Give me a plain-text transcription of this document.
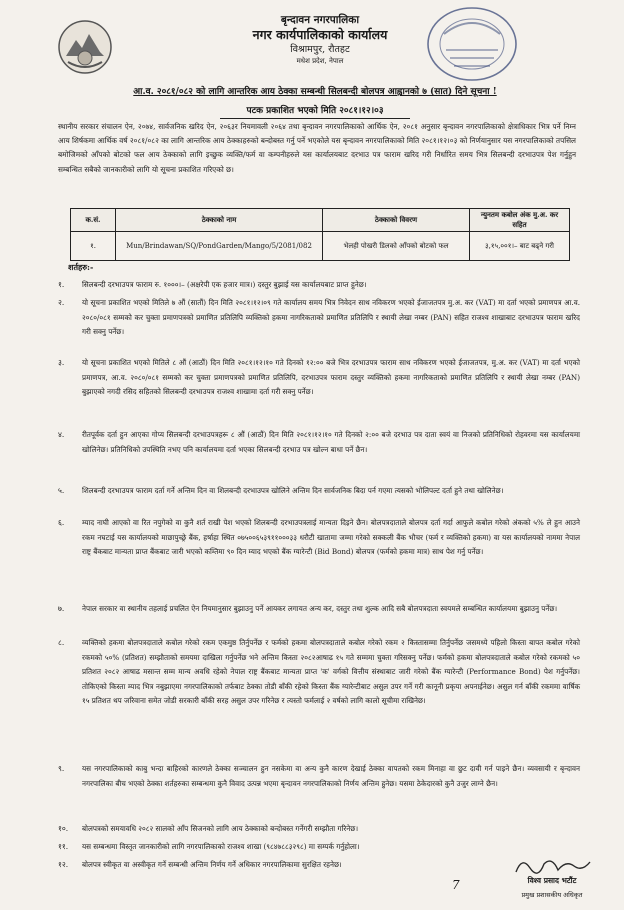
बृन्दावन नगरपालिका
नगर कार्यपालिकाको कार्यालय
विश्रामपुर, रौतहट
मधेश प्रदेश, नेपाल
आ.व. २०८१/०८२ को लागि आन्तरिक आय ठेक्का सम्बन्धी सिलबन्दी बोलपत्र आह्वानको ७ (सात) दिने सूचना !
पटक प्रकाशित भएको मिति २०८१।१२।०३
स्थानीय सरकार संचालन ऐन, २०७४, सार्वजनिक खरिद ऐन, २०६३र नियमावली २०६४ तथा बृन्दावन नगरपालिकाको आर्थिक ऐन, २०८१ अनुसार बृन्दावन नगरपालिकाको क्षेत्राधिकार भित्र पर्ने निम्न आय शिर्षकमा आर्थिक वर्ष २०८१/०८२ का लागि आन्तरिक आय ठेक्काहरुको बन्दोबस्त गर्नु पर्ने भएकोले यस बृन्दावन नगरपालिकाको मिति २०८१।१२।०३ को निर्णयानुसार यस नगरपालिकाको तपसिल बमोजिमको आँपको बोटको फल आय ठेक्काको लागि इच्छुक व्यक्ति/फर्म वा कम्पनीहरुले यस कार्यालयबाट दरभाउ पत्र फाराम खरिद गरी निर्धारित समय भित्र सिलबन्दी दरभाउपत्र पेश गर्नुहुन सम्बन्धित सबैको जानकारीको लागि यो सूचना प्रकाशित गरिएको छ।
क.सं.	ठेक्काको नाम	ठेक्काको विवरण	न्युनतम कबोल अंक मु.अ. कर सहित
१.	Mun/Brindawan/SQ/PondGarden/Mango/5/2081/082	भेलही पोखरी डिलको आँपको बोटको फल	३,१५,००१।– बाट बढ्ने गरी
शर्तहरु:-
१.	सिलबन्दी दरभाउपत्र फाराम रु. १०००।– (अक्षरेपी एक हजार मात्र।) दस्तुर बुझाई यस कार्यालयबाट प्राप्त हुनेछ।
२.	यो सूचना प्रकाशित भएको मितिले ७ औं (सातौं) दिन मिति २०८१।१२।०९ गते कार्यालय समय भित्र निवेदन साथ नविकरण भएको ईजाजतपत्र मु.अ. कर (VAT) मा दर्ता भएको प्रमाणपत्र आ.व. २०८०/०८१ सम्मको कर चुक्ता प्रमाणपत्रको प्रमाणित प्रतिलिपि व्यक्तिको हकमा नागरिकताको प्रमाणित प्रतिलिपि र स्थायी लेखा नम्बर (PAN) सहित राजश्व शाखाबाट दरभाउपत्र फाराम खरिद गरी सक्नु पर्नेछ।
३.	यो सूचना प्रकाशित भएको मितिले ८ औं (आठौं) दिन मिति २०८१।१२।१० गते दिनको १२:०० बजे भित्र दरभाउपत्र फाराम साथ नविकरण भएको ईजाजतपत्र, मु.अ. कर (VAT) मा दर्ता भएको प्रमाणपत्र, आ.व. २०८०/०८१ सम्मको कर चुक्ता प्रमाणपत्रको प्रमाणित प्रतिलिपि, दरभाउपत्र फाराम दस्तुर व्यक्तिको हकमा नागरिकताको प्रमाणित प्रतिलिपि र स्थायी लेखा नम्बर (PAN) बुझाएको नगदी रसिद सहितको सिलबन्दी दरभाउपत्र राजश्व शाखामा दर्ता गरी सक्नु पर्नेछ।
४.	रीतपूर्वक दर्ता हुन आएका गोप्य सिलबन्दी दरभाउपत्रहरू ८ औं (आठौं) दिन मिति २०८१।१२।१० गते दिनको २:०० बजे दरभाउ पत्र दाता स्वयं वा निजको प्रतिनिधिको रोहवरमा यस कार्यालयमा खोलिनेछ। प्रतिनिधिको उपस्थिति नभए पनि कार्यालयमा दर्ता भएका सिलबन्दी दरभाउ पत्र खोल्न बाधा पर्ने छैन।
५.	शिलबन्दी दरभाउपत्र फाराम दर्ता गर्ने अन्तिम दिन वा शिलबन्दी दरभाउपत्र खोलिने अन्तिम दिन सार्वजनिक बिदा पर्न गएमा त्यसको भोलिपल्ट दर्ता हुने तथा खोलिनेछ।
६.	म्याद नाघी आएको वा रित नपुगेको वा कुनै शर्त राखी पेश भएको शिलबन्दी दरभाउपत्रलाई मान्यता दिइने छैन। बोलपत्रदाताले बोलपत्र दर्ता गर्दा आफुले कबोल गरेको अंकको ५% ले हुन आउने रकम नघटाई यस कार्यालयको माछापुच्छ्रे बैंक, हर्षाहा स्थित ०७५००६५३९११०००३३ धरौटी खातामा जम्मा गरेको सक्कली बैंक भौचर (फर्म र व्यक्तिको हकमा) वा यस कार्यालयको नाममा नेपाल राष्ट्र बैंकबाट मान्यता प्राप्त बैंकबाट जारी भएको कम्तिमा ९० दिन म्याद भएको बैंक ग्यारेन्टी (Bid Bond) बोलपत्र (फर्मको हकमा मात्र) साथ पेश गर्नु पर्नेछ।
७.	नेपाल सरकार वा स्थानीय तहलाई प्रचलित ऐन नियमानुसार बुझाउनु पर्ने आयकर लगायत अन्य कर, दस्तुर तथा शुल्क आदि सबै बोलपत्रदाता स्वयमले सम्बन्धित कार्यालयमा बुझाउनु पर्नेछ।
८.	व्यक्तिको हकमा बोलपत्रदाताले कबोल गरेको रकम एकमुष्ठ तिर्नुपर्नेछ र फर्मको हकमा बोलपत्रदाताले कबोल गरेको रकम २ किस्तासम्मा तिर्नुपर्नेछ जसमध्ये पहिलो किस्ता बापत कबोल गरेको रकमको ५०% (प्रतिशत) सम्झौताको समयमा दाखिला गर्नुपर्नेछ भने अन्तिम किस्ता २०८२आषाढ १५ गते सम्ममा चुक्ता गरिसक्नु पर्नेछ। फर्मको हकमा बोलपत्रदाताले कबोल गरेको रकमको ५० प्रतिशत २०८२ आषाढ मसान्त सम्म मान्य अवधि रहेको नेपाल राष्ट्र बैंकबाट मान्यता प्राप्त 'क' वर्गको वित्तीय संस्थाबाट जारी गरेको बैंक ग्यारेन्टी (Performance Bond) पेश गर्नुपर्नेछ। तोकिएको किस्ता म्याद भित्र नबुझाएमा नगरपालिकाको तर्फबाट ठेक्का तोडी बाँकी रहेको किस्ता बैंक ग्यारेन्टीबाट असुल उपर गर्ने गरी कानूनी प्रकृया अपनाईनेछ। असुल गर्न बाँकी रकममा वार्षिक १५ प्रतिशत थप जरिवाना समेत जोडी सरकारी बाँकी सरह असुल उपर गरिनेछ र त्यस्तो फर्मलाई २ वर्षको लागि कालो सूचीमा राखिनेछ।
९.	यस नगरपालिकाको काबु भन्दा बाहिरको कारणले ठेक्का सञ्चालन हुन नसकेमा वा अन्य कुनै कारण देखाई ठेक्का वापतको रकम मिनाहा वा छुट दावी गर्न पाइने छैन। व्यवसायी र बृन्दावन नगरपालिका बीच भएको ठेक्का शर्तहरुका सम्बन्धमा कुनै विवाद उत्पन्न भएमा बृन्दावन नगरपालिकाको निर्णय अन्तिम हुनेछ। यसमा ठेकेदारको कुनै उजुर लाग्ने छैन।
१०.	बोलपत्रको समयावधि २०८२ सालको आँप सिजनको लागि आय ठेक्काको बन्दोबस्त गर्नेगरी सम्झौता गरिनेछ।
११.	यस सम्बन्धमा विस्तृत जानकारीको लागि नगरपालिकाको राजश्व शाखा (९८४७८८३२९८) मा सम्पर्क गर्नुहोला।
१२.	बोलपत्र स्वीकृत वा अस्वीकृत गर्ने सम्बन्धी अन्तिम निर्णय गर्ने अधिकार नगरपालिकामा सुरक्षित रहनेछ।
7	विश्व प्रसाद भटौंट
प्रमुख प्रशासकीय अधिकृत
